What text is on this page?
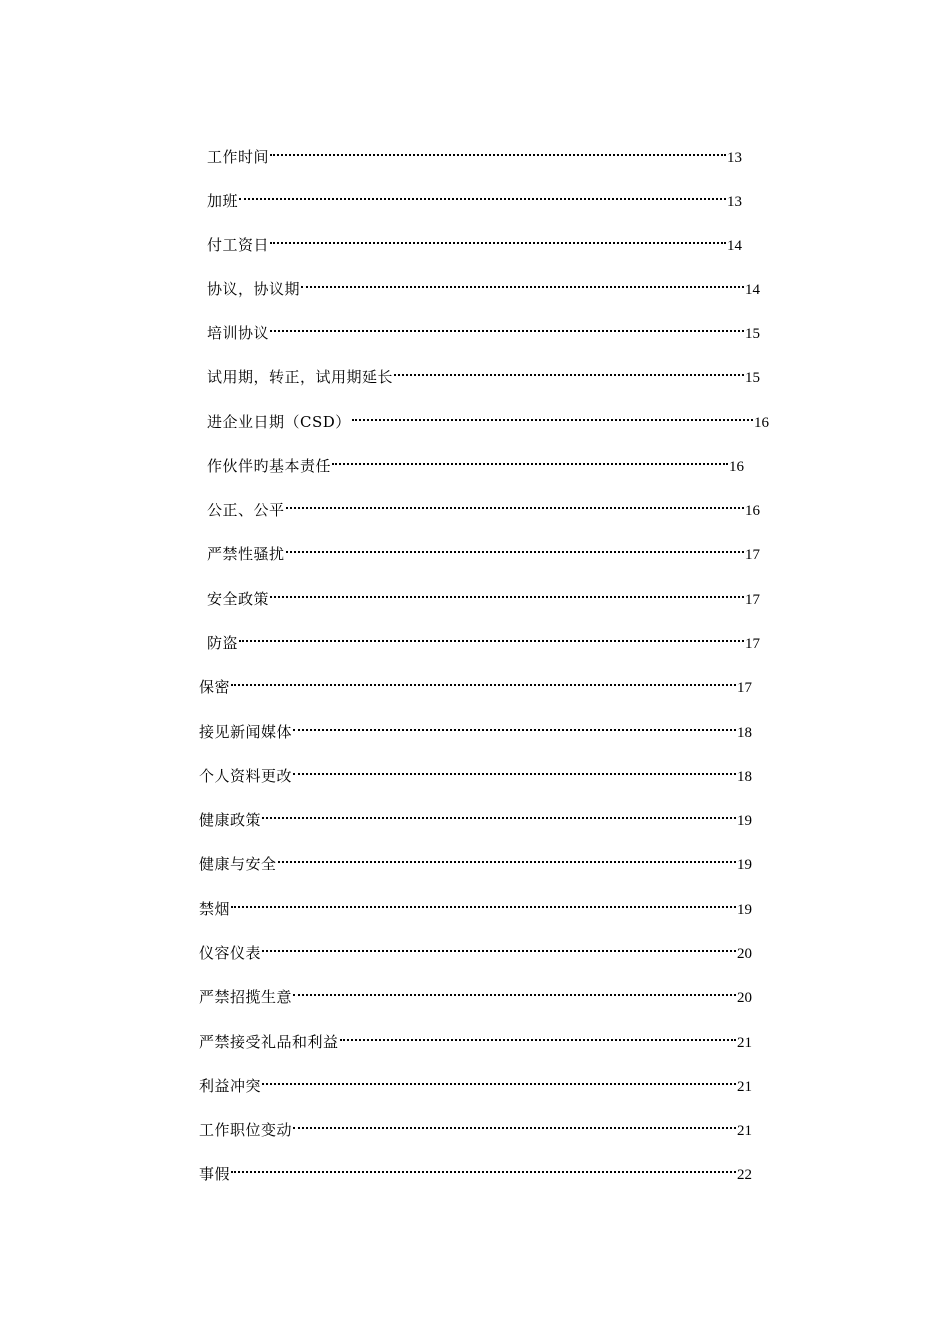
工作时间	13
加班	13
付工资日	14
协议，协议期	14
培训协议	15
试用期，转正，试用期延长	15
进企业日期（CSD）	16
作伙伴旳基本责任	16
公正、公平	16
严禁性骚扰	17
安全政策	17
防盗	17
保密	17
接见新闻媒体	18
个人资料更改	18
健康政策	19
健康与安全	19
禁烟	19
仪容仪表	20
严禁招揽生意	20
严禁接受礼品和利益	21
利益冲突	21
工作职位变动	21
事假	22
